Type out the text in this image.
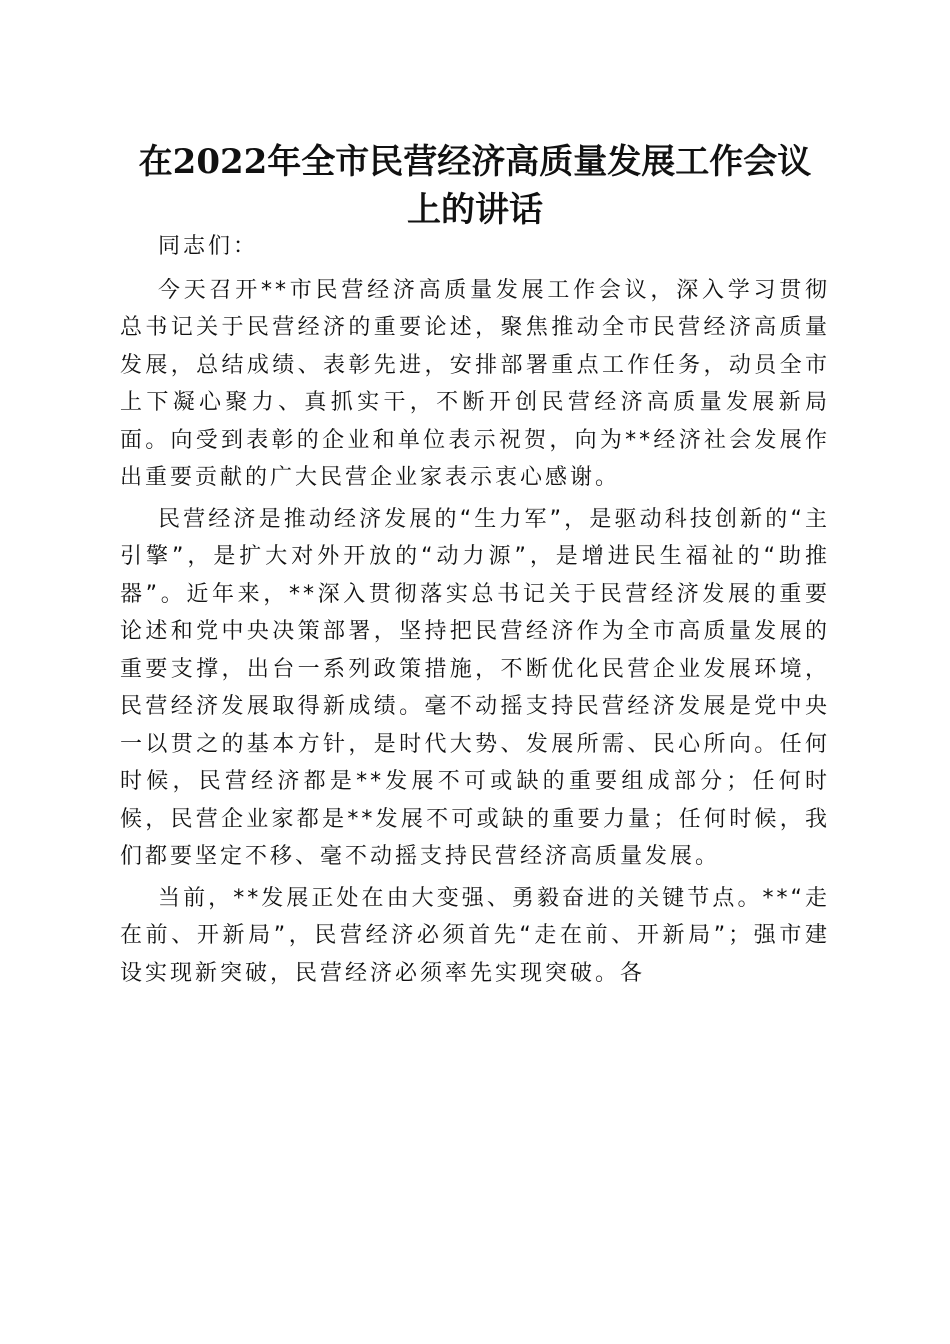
在2022年全市民营经济高质量发展工作会议
上的讲话

同志们：

今天召开**市民营经济高质量发展工作会议，深入学习贯彻总书记关于民营经济的重要论述，聚焦推动全市民营经济高质量发展，总结成绩、表彰先进，安排部署重点工作任务，动员全市上下凝心聚力、真抓实干，不断开创民营经济高质量发展新局面。向受到表彰的企业和单位表示祝贺，向为**经济社会发展作出重要贡献的广大民营企业家表示衷心感谢。

民营经济是推动经济发展的“生力军”，是驱动科技创新的“主引擎”，是扩大对外开放的“动力源”，是增进民生福祉的“助推器”。近年来，**深入贯彻落实总书记关于民营经济发展的重要论述和党中央决策部署，坚持把民营经济作为全市高质量发展的重要支撑，出台一系列政策措施，不断优化民营企业发展环境，民营经济发展取得新成绩。毫不动摇支持民营经济发展是党中央一以贯之的基本方针，是时代大势、发展所需、民心所向。任何时候，民营经济都是**发展不可或缺的重要组成部分；任何时候，民营企业家都是**发展不可或缺的重要力量；任何时候，我们都要坚定不移、毫不动摇支持民营经济高质量发展。

当前，**发展正处在由大变强、勇毅奋进的关键节点。**“走在前、开新局”，民营经济必须首先“走在前、开新局”；强市建设实现新突破，民营经济必须率先实现突破。各
